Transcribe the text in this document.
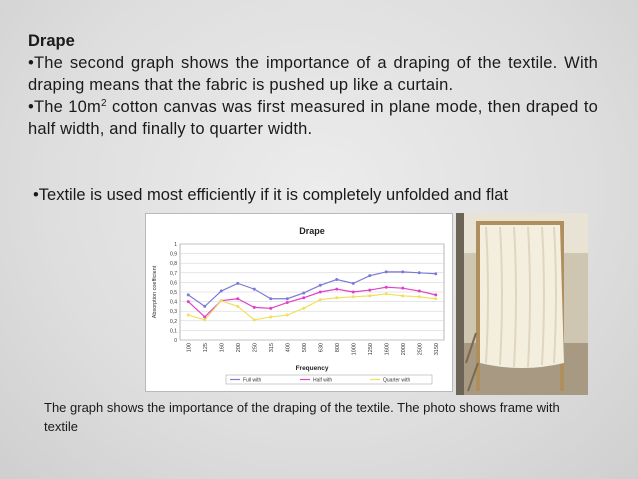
Drape
•The second graph shows the importance of a draping of the textile. With draping means that the fabric is pushed up like a curtain.
•The $10m^2$ cotton canvas was first measured in plane mode, then draped to half width, and finally to quarter width.
•Textile is used most efficiently if it is completely unfolded and flat
Drape
0
0,1
0,2
0,3
0,4
0,5
0,6
0,7
0,8
0,9
1
100 125 160 200 250 315 400 500 630 800 1000 1250 1600 2000 2500 3150
Absorption coefficient
Frequency
Full with	Half with	Quarter with
The graph shows the importance of the draping of the textile. The photo shows frame with textile
